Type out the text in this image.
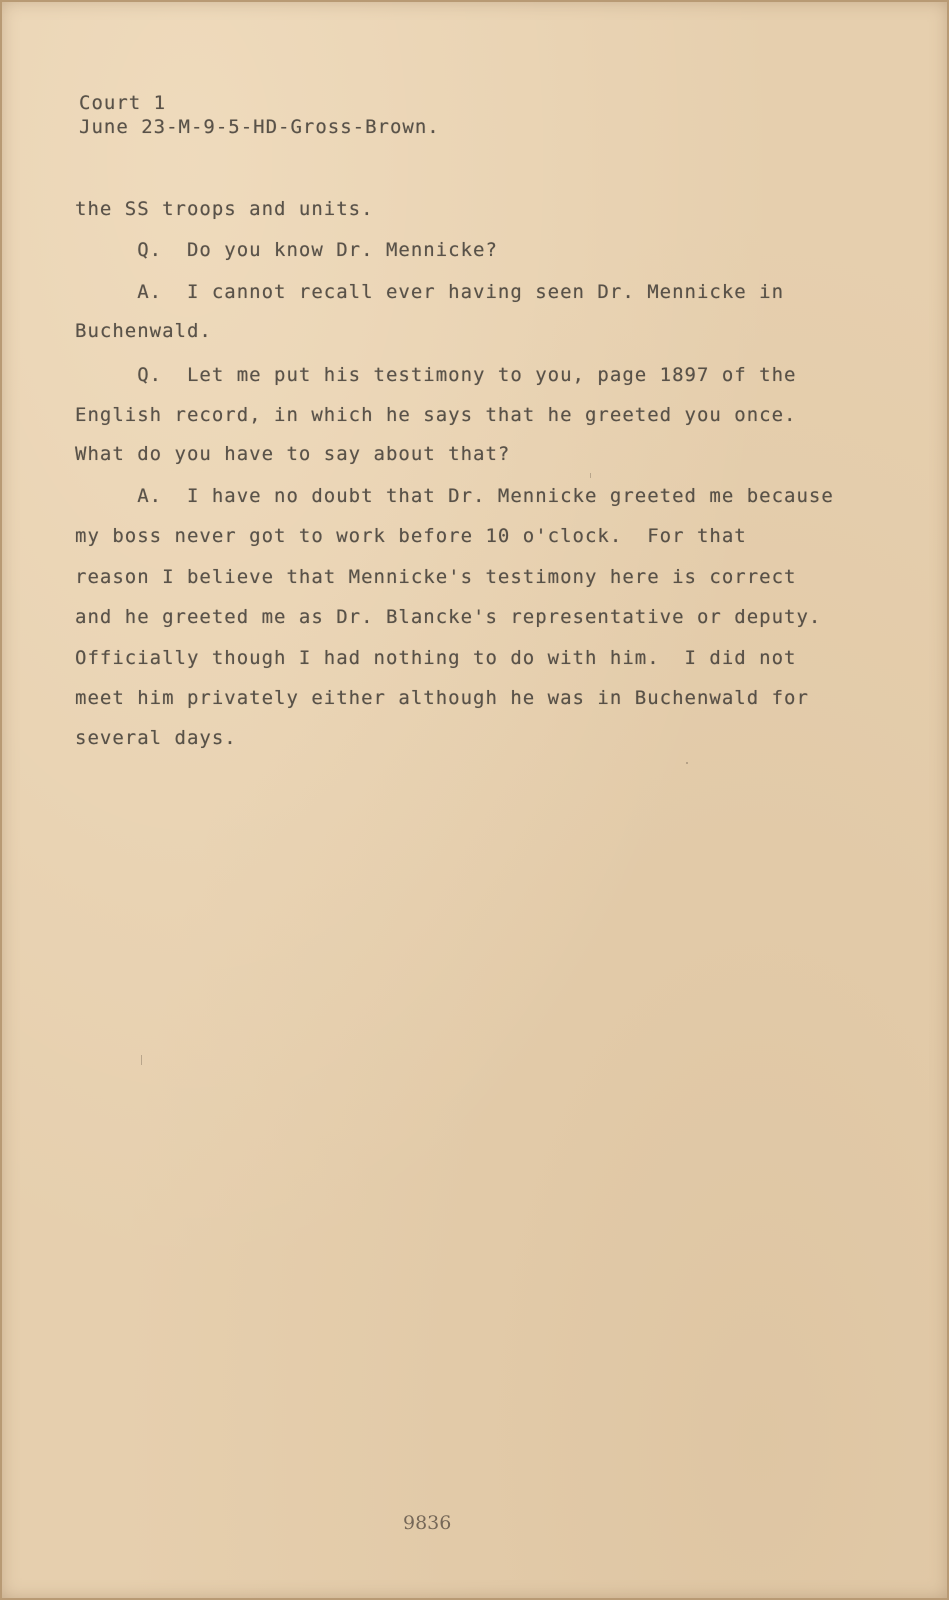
Court 1
June 23-M-9-5-HD-Gross-Brown.
the SS troops and units.
Q.  Do you know Dr. Mennicke?
A.  I cannot recall ever having seen Dr. Mennicke in
Buchenwald.
Q.  Let me put his testimony to you, page 1897 of the
English record, in which he says that he greeted you once.
What do you have to say about that?
A.  I have no doubt that Dr. Mennicke greeted me because
my boss never got to work before 10 o'clock.  For that
reason I believe that Mennicke's testimony here is correct
and he greeted me as Dr. Blancke's representative or deputy.
Officially though I had nothing to do with him.  I did not
meet him privately either although he was in Buchenwald for
several days.
9836
